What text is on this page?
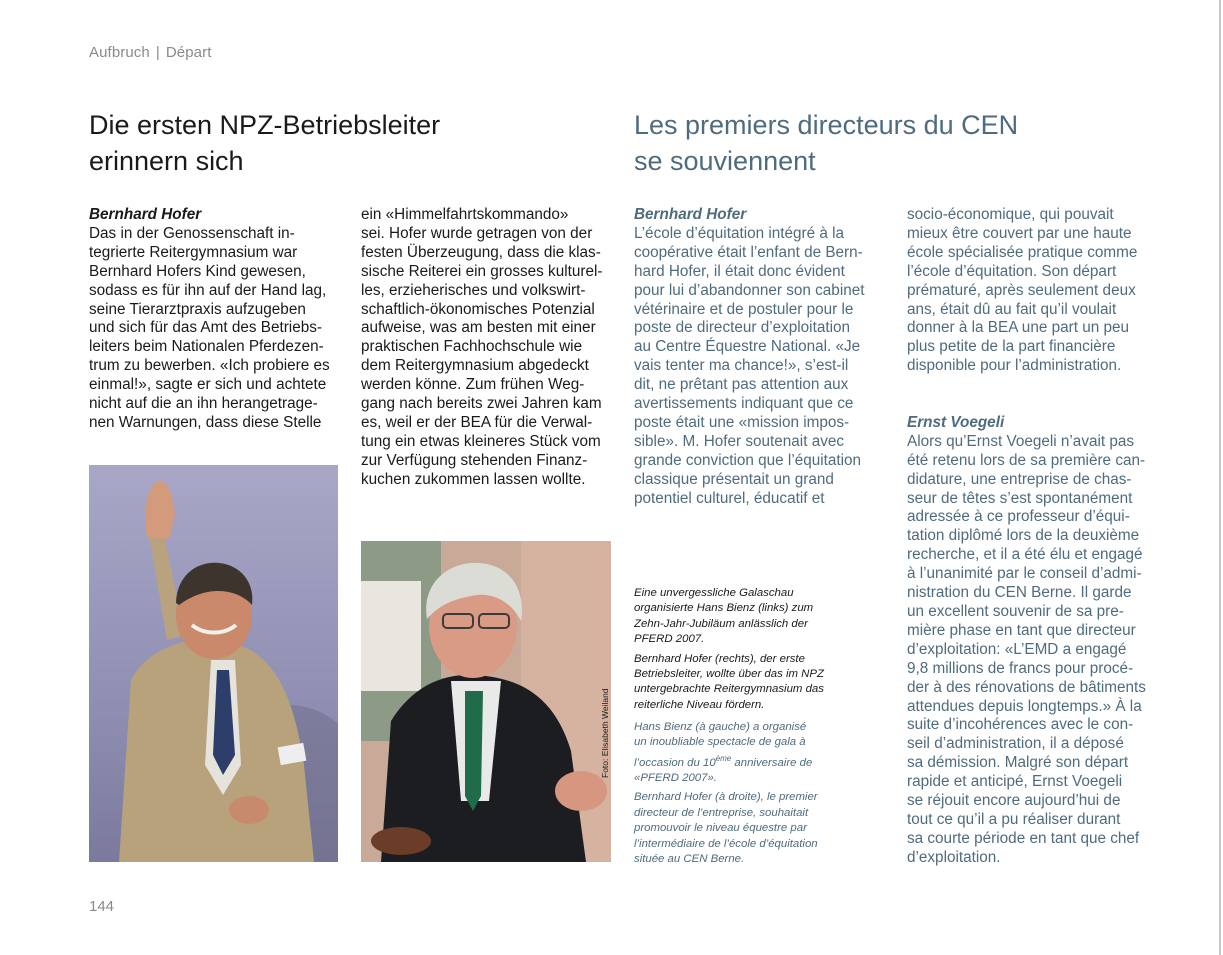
Aufbruch | Départ
Die ersten NPZ-Betriebsleiter
erinnern sich
Les premiers directeurs du CEN
se souviennent
Bernhard Hofer
Das in der Genossenschaft in-
tegrierte Reitergymnasium war
Bernhard Hofers Kind gewesen,
sodass es für ihn auf der Hand lag,
seine Tierarztpraxis aufzugeben
und sich für das Amt des Betriebs-
leiters beim Nationalen Pferdezen-
trum zu bewerben. «Ich probiere es
einmal!», sagte er sich und achtete
nicht auf die an ihn herangetrage-
nen Warnungen, dass diese Stelle
ein «Himmelfahrtskommando»
sei. Hofer wurde getragen von der
festen Überzeugung, dass die klas-
sische Reiterei ein grosses kulturel-
les, erzieherisches und volkswirt-
schaftlich-ökonomisches Potenzial
aufweise, was am besten mit einer
praktischen Fachhochschule wie
dem Reitergymnasium abgedeckt
werden könne. Zum frühen Weg-
gang nach bereits zwei Jahren kam
es, weil er der BEA für die Verwal-
tung ein etwas kleineres Stück vom
zur Verfügung stehenden Finanz-
kuchen zukommen lassen wollte.
Foto: Elisabeth Weiland

Eine unvergessliche Galaschau
organisierte Hans Bienz (links) zum
Zehn-Jahr-Jubiläum anlässlich der
PFERD 2007.

Bernhard Hofer (rechts), der erste
Betriebsleiter, wollte über das im NPZ
untergebrachte Reitergymnasium das
reiterliche Niveau fördern.

Hans Bienz (à gauche) a organisé
un inoubliable spectacle de gala à
l’occasion du 10ème anniversaire de
«PFERD 2007».

Bernhard Hofer (à droite), le premier
directeur de l’entreprise, souhaitait
promouvoir le niveau équestre par
l’intermédiaire de l’école d’équitation
située au CEN Berne.

Bernhard Hofer
L’école d’équitation intégré à la
coopérative était l’enfant de Bern-
hard Hofer, il était donc évident
pour lui d’abandonner son cabinet
vétérinaire et de postuler pour le
poste de directeur d’exploitation
au Centre Équestre National. «Je
vais tenter ma chance!», s’est-il
dit, ne prêtant pas attention aux
avertissements indiquant que ce
poste était une «mission impos-
sible». M. Hofer soutenait avec
grande conviction que l’équitation
classique présentait un grand
potentiel culturel, éducatif et
socio-économique, qui pouvait
mieux être couvert par une haute
école spécialisée pratique comme
l’école d’équitation. Son départ
prématuré, après seulement deux
ans, était dû au fait qu’il voulait
donner à la BEA une part un peu
plus petite de la part financière
disponible pour l’administration.
Ernst Voegeli
Alors qu’Ernst Voegeli n’avait pas
été retenu lors de sa première can-
didature, une entreprise de chas-
seur de têtes s’est spontanément
adressée à ce professeur d’équi-
tation diplômé lors de la deuxième
recherche, et il a été élu et engagé
à l’unanimité par le conseil d’admi-
nistration du CEN Berne. Il garde
un excellent souvenir de sa pre-
mière phase en tant que directeur
d’exploitation: «L’EMD a engagé
9,8 millions de francs pour procé-
der à des rénovations de bâtiments
attendues depuis longtemps.» À la
suite d’incohérences avec le con-
seil d’administration, il a déposé
sa démission. Malgré son départ
rapide et anticipé, Ernst Voegeli
se réjouit encore aujourd’hui de
tout ce qu’il a pu réaliser durant
sa courte période en tant que chef
d’exploitation.
144
